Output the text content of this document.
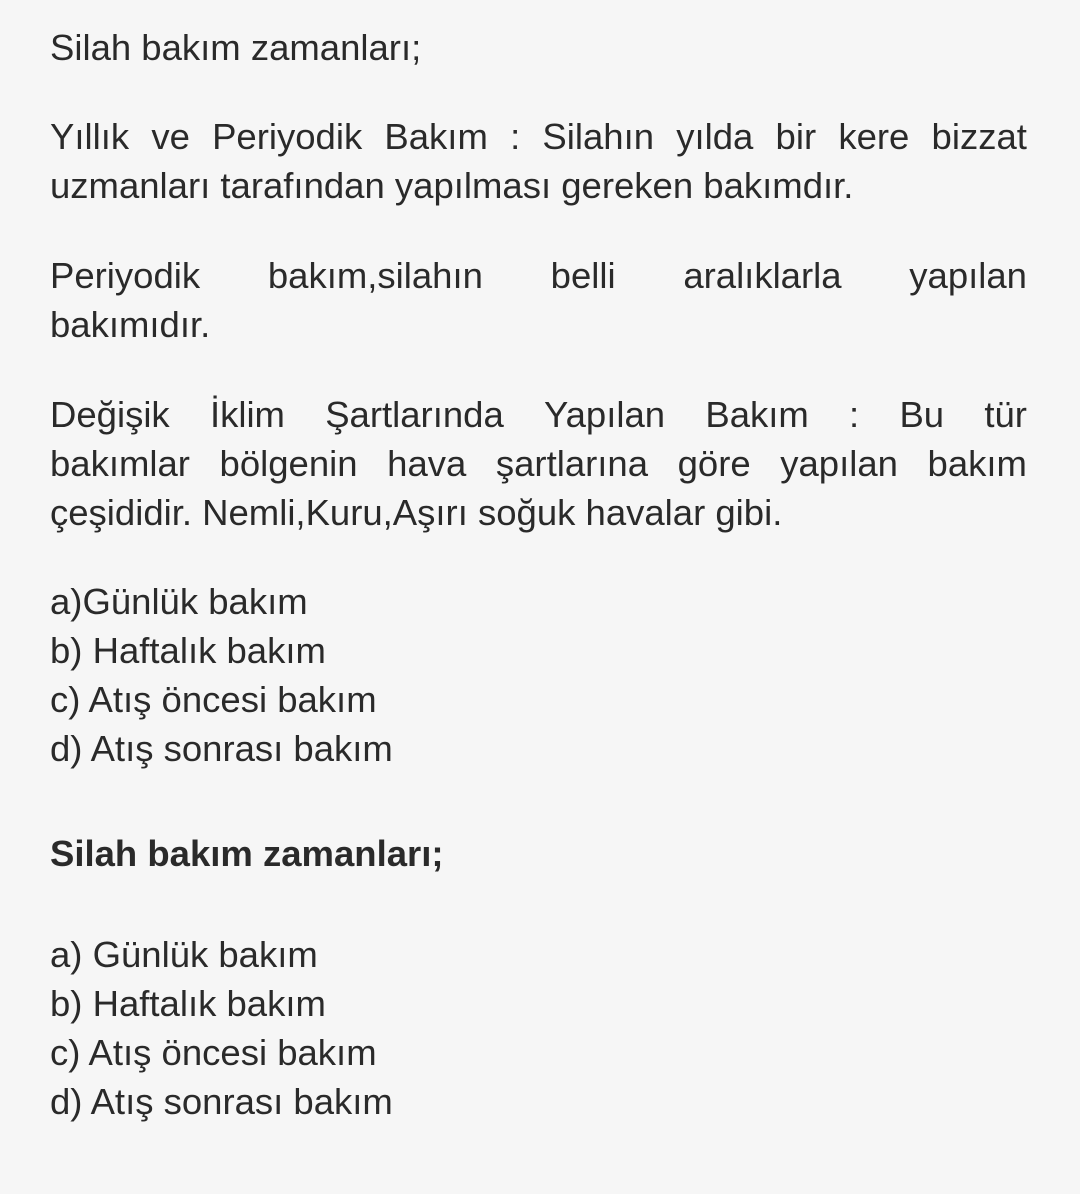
Silah bakım zamanları;
Yıllık ve Periyodik Bakım : Silahın yılda bir kere bizzat
uzmanları tarafından yapılması gereken bakımdır.
Periyodik bakım,silahın belli aralıklarla yapılan
bakımıdır.
Değişik İklim Şartlarında Yapılan Bakım : Bu tür
bakımlar bölgenin hava şartlarına göre yapılan bakım
çeşididir. Nemli,Kuru,Aşırı soğuk havalar gibi.
a)Günlük bakım
b) Haftalık bakım
c) Atış öncesi bakım
d) Atış sonrası bakım
Silah bakım zamanları;
a) Günlük bakım
b) Haftalık bakım
c) Atış öncesi bakım
d) Atış sonrası bakım
